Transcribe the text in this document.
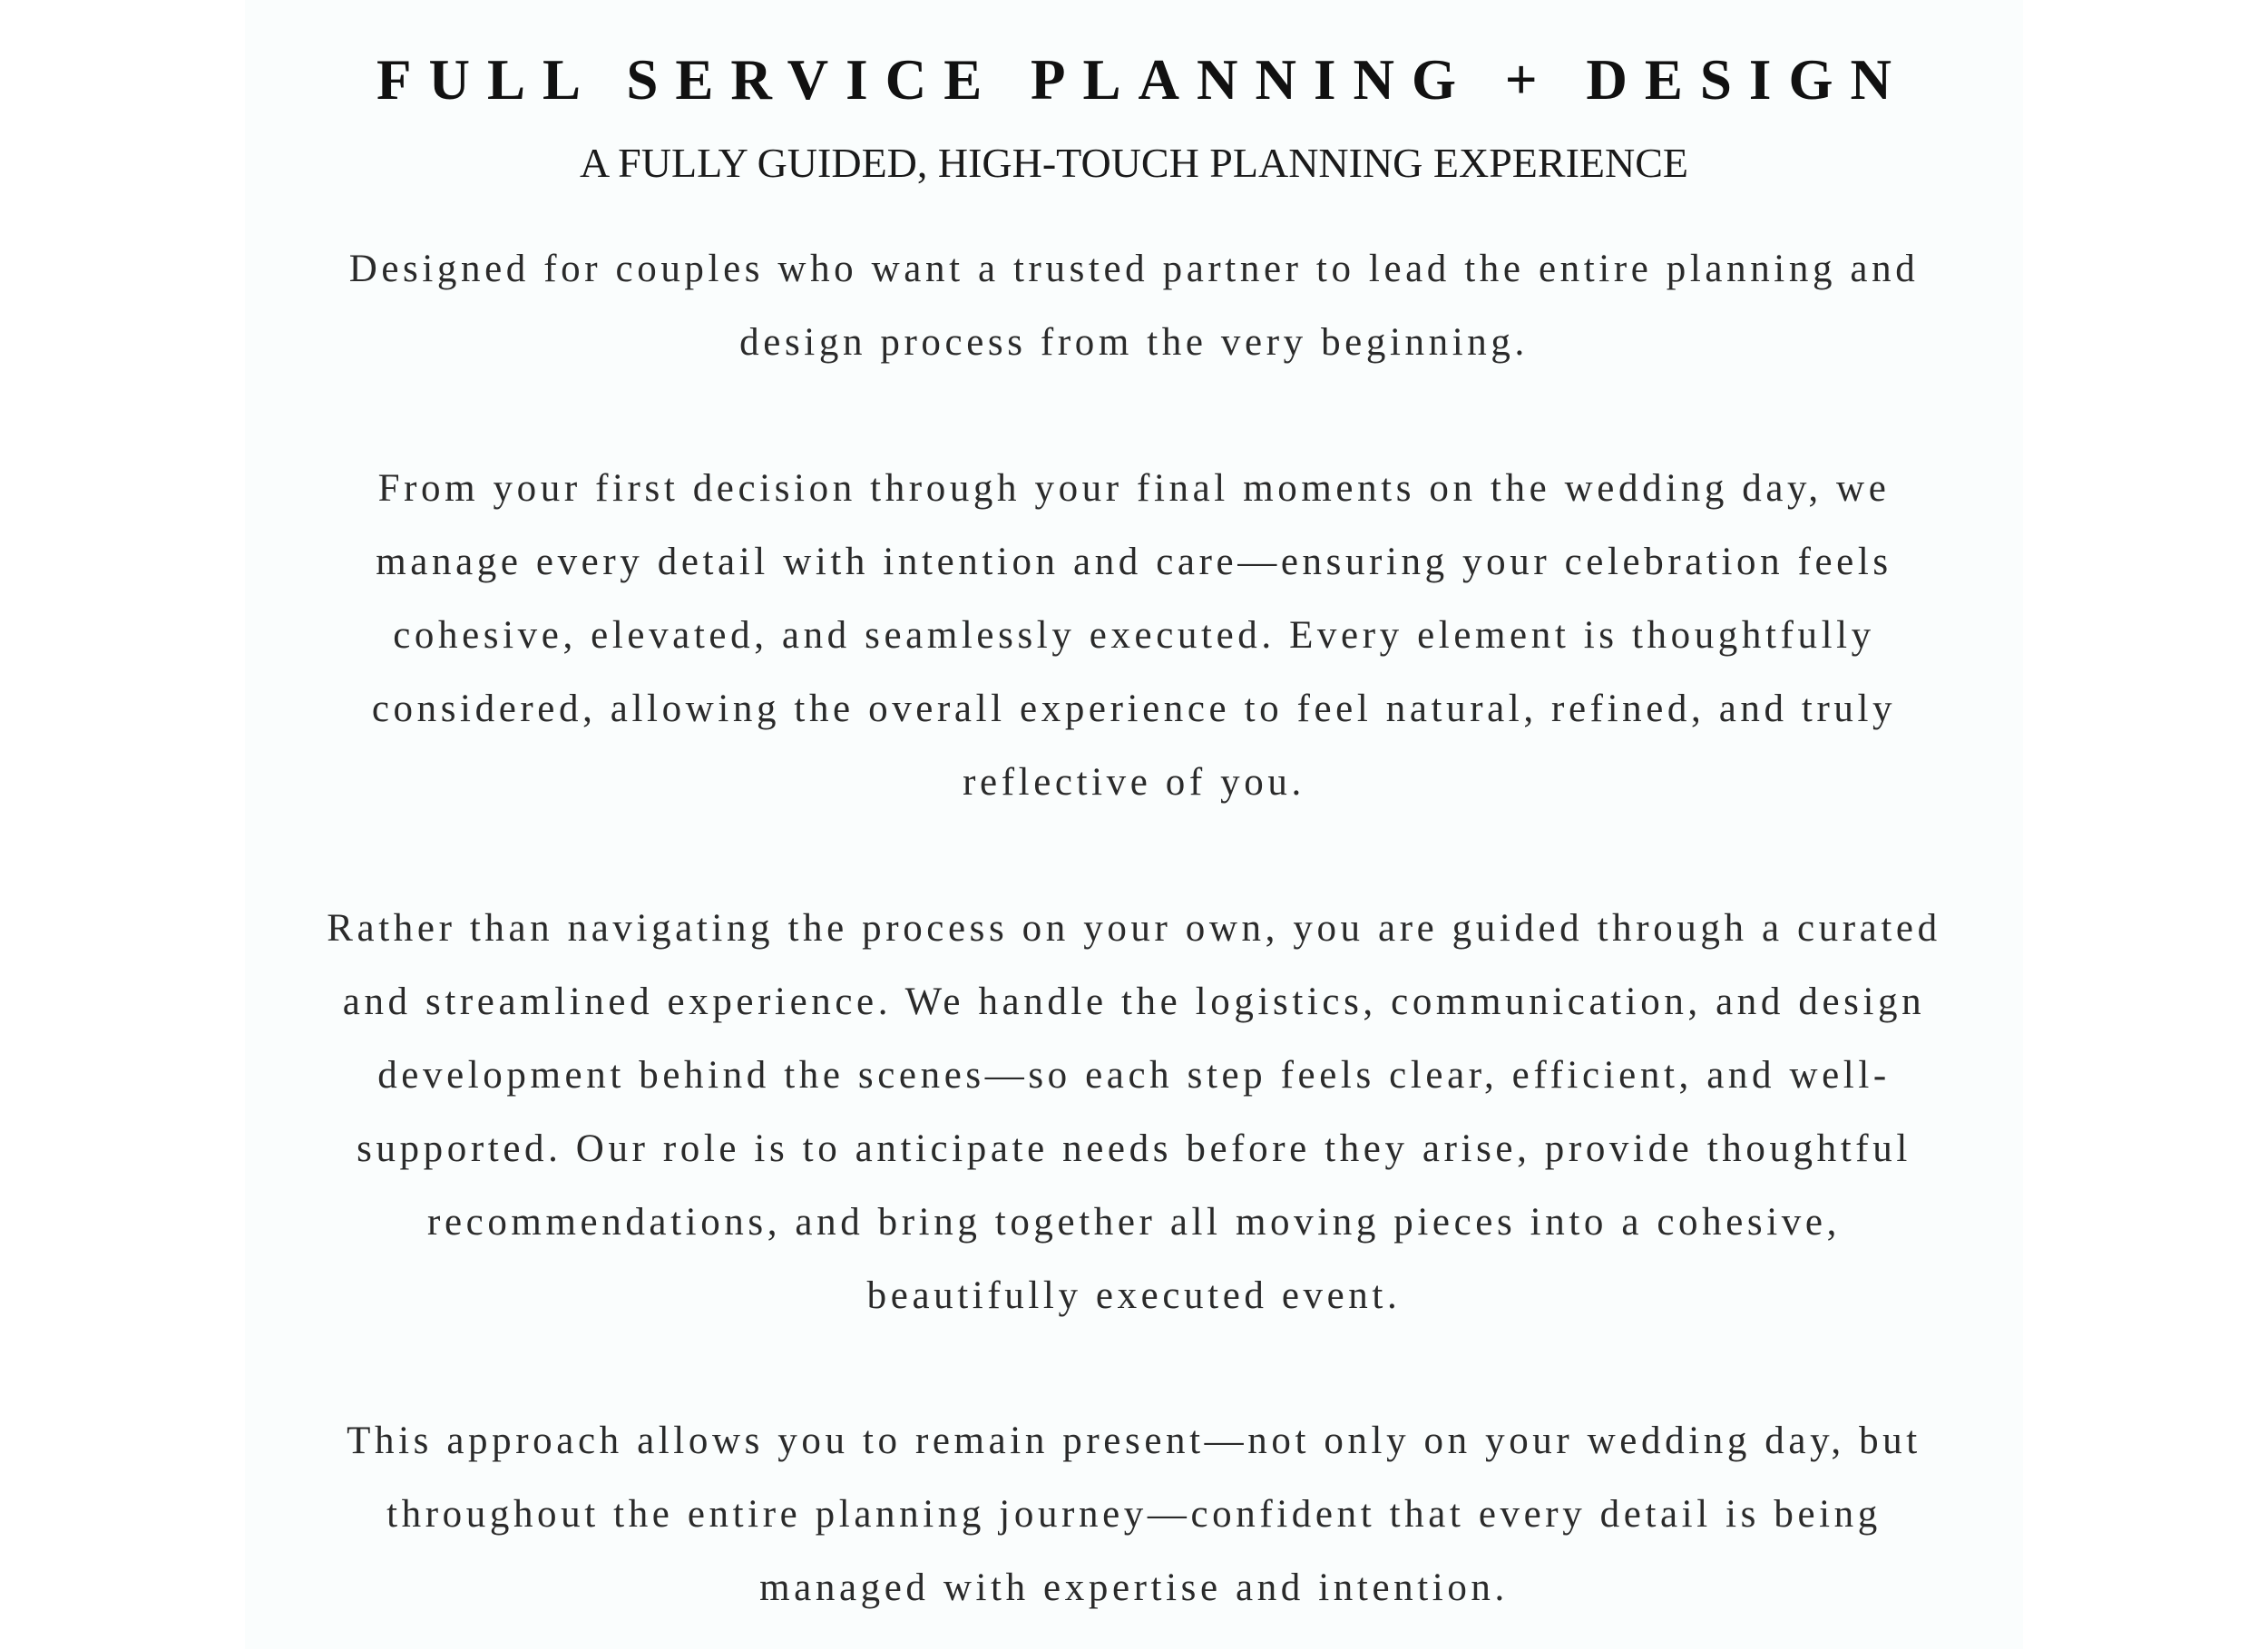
FULL SERVICE PLANNING + DESIGN
A FULLY GUIDED, HIGH-TOUCH PLANNING EXPERIENCE

Designed for couples who want a trusted partner to lead the entire planning and design process from the very beginning.

From your first decision through your final moments on the wedding day, we manage every detail with intention and care—ensuring your celebration feels cohesive, elevated, and seamlessly executed. Every element is thoughtfully considered, allowing the overall experience to feel natural, refined, and truly reflective of you.

Rather than navigating the process on your own, you are guided through a curated and streamlined experience. We handle the logistics, communication, and design development behind the scenes—so each step feels clear, efficient, and well-supported. Our role is to anticipate needs before they arise, provide thoughtful recommendations, and bring together all moving pieces into a cohesive, beautifully executed event.

This approach allows you to remain present—not only on your wedding day, but throughout the entire planning journey—confident that every detail is being managed with expertise and intention.
